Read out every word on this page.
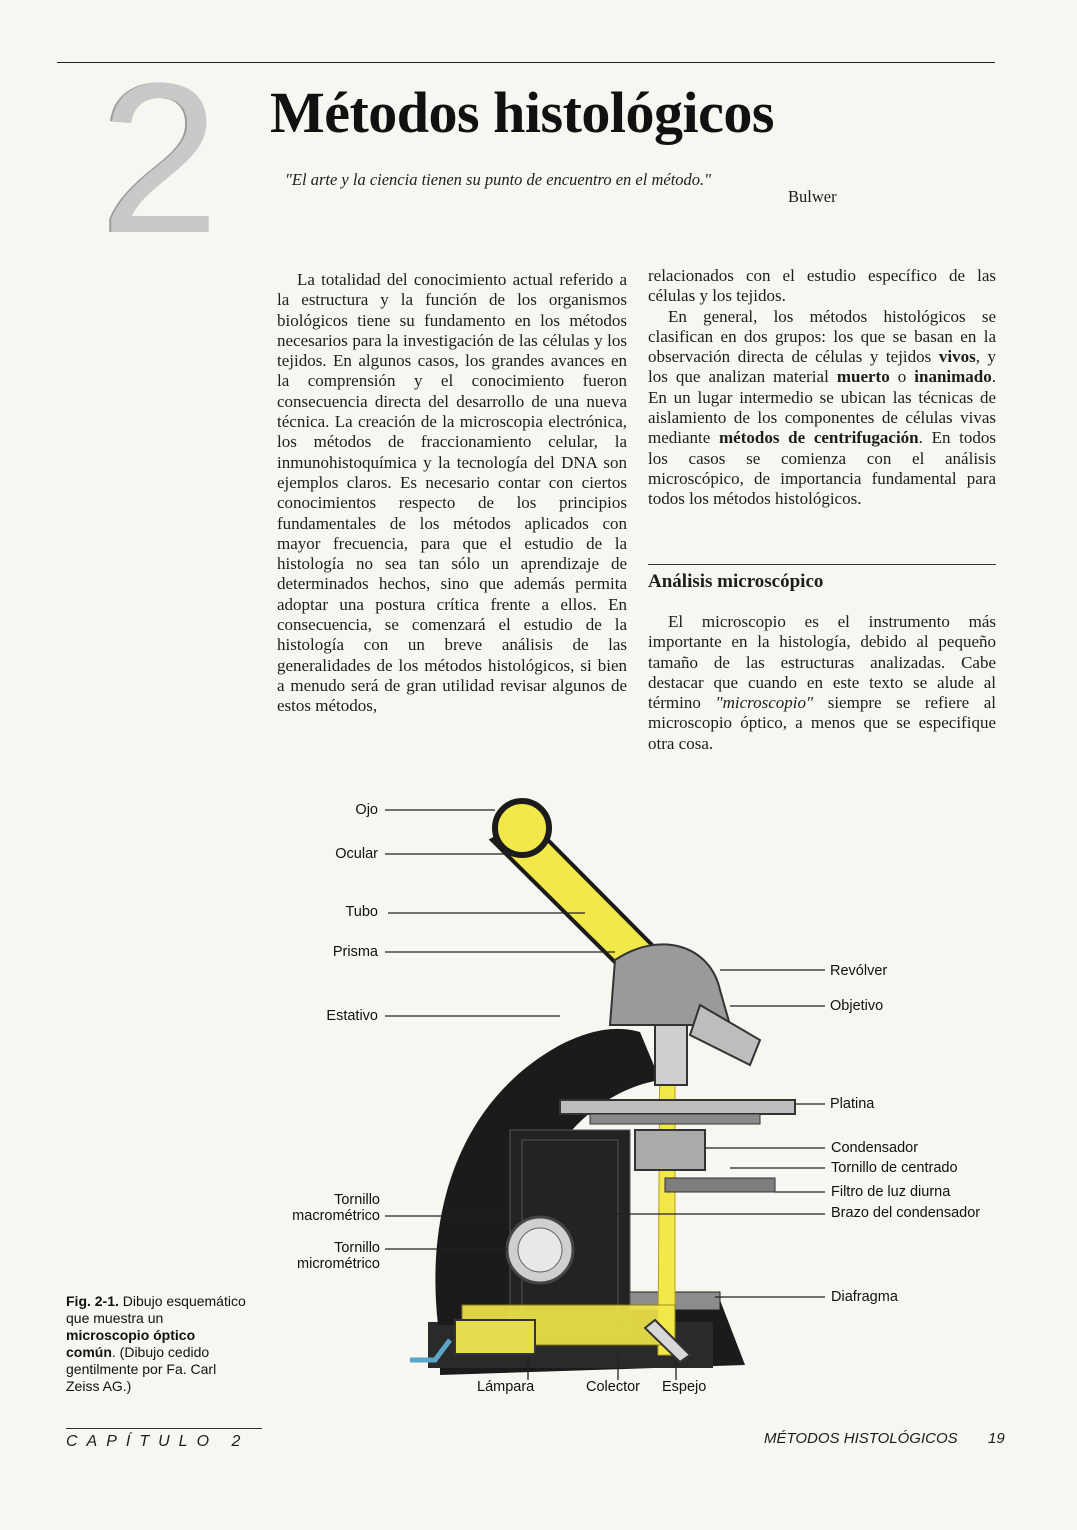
2 Métodos histológicos
"El arte y la ciencia tienen su punto de encuentro en el método."
Bulwer

La totalidad del conocimiento actual referido a la estructura y la función de los organismos biológicos tiene su fundamento en los métodos necesarios para la investigación de las células y los tejidos. En algunos casos, los grandes avances en la comprensión y el conocimiento fueron consecuencia directa del desarrollo de una nueva técnica. La creación de la microscopia electrónica, los métodos de fraccionamiento celular, la inmunohistoquímica y la tecnología del DNA son ejemplos claros. Es necesario contar con ciertos conocimientos respecto de los principios fundamentales de los métodos aplicados con mayor frecuencia, para que el estudio de la histología no sea tan sólo un aprendizaje de determinados hechos, sino que además permita adoptar una postura crítica frente a ellos. En consecuencia, se comenzará el estudio de la histología con un breve análisis de las generalidades de los métodos histológicos, si bien a menudo será de gran utilidad revisar algunos de estos métodos,

relacionados con el estudio específico de las células y los tejidos.

En general, los métodos histológicos se clasifican en dos grupos: los que se basan en la observación directa de células y tejidos vivos, y los que analizan material muerto o inanimado. En un lugar intermedio se ubican las técnicas de aislamiento de los componentes de células vivas mediante métodos de centrifugación. En todos los casos se comienza con el análisis microscópico, de importancia fundamental para todos los métodos histológicos.

Análisis microscópico

El microscopio es el instrumento más importante en la histología, debido al pequeño tamaño de las estructuras analizadas. Cabe destacar que cuando en este texto se alude al término "microscopio" siempre se refiere al microscopio óptico, a menos que se especifique otra cosa.

Ojo
Ocular
Tubo
Prisma
Estativo
Tornillo
macrométrico
Tornillo
micrométrico
Revólver
Objetivo
Platina
Condensador
Tornillo de centrado
Filtro de luz diurna
Brazo del condensador
Diafragma
Lámpara	Colector Espejo
Fig. 2-1. Dibujo esquemático que muestra un microscopio óptico común. (Dibujo cedido gentilmente por Fa. Carl Zeiss AG.)
CAPÍTULO 2	MÉTODOS HISTOLÓGICOS 19
